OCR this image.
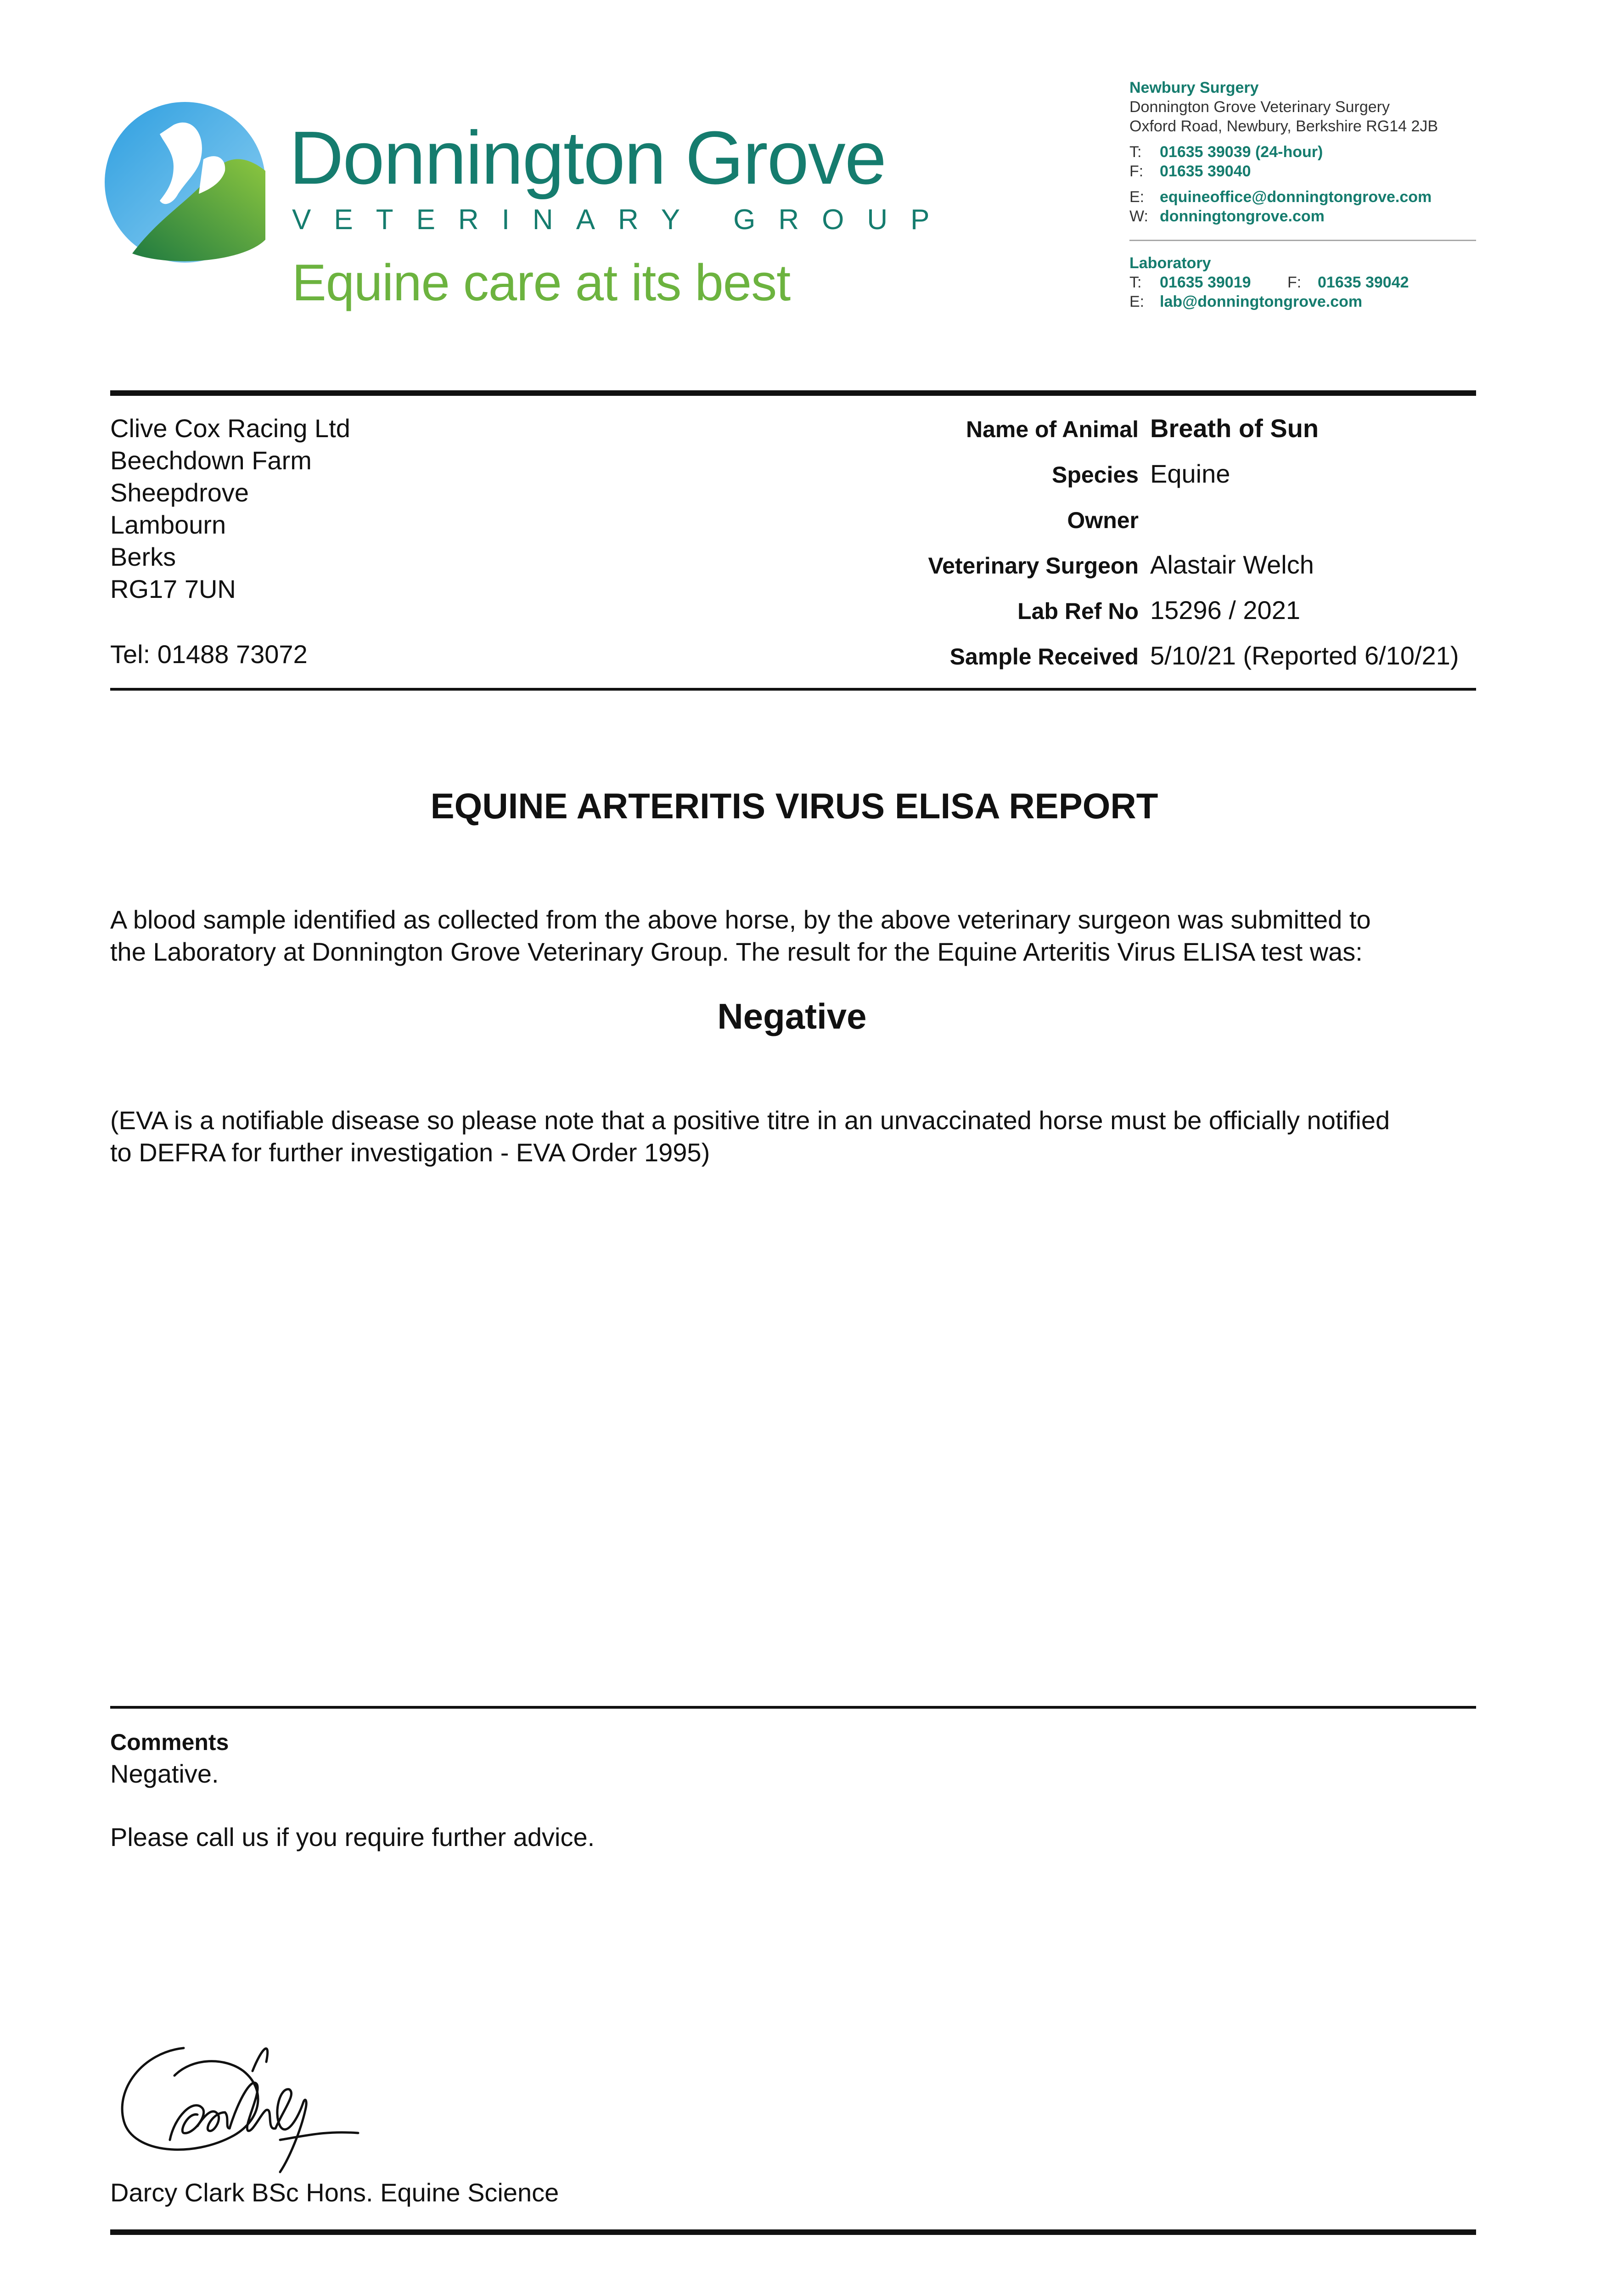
Donnington Grove
VETERINARY GROUP
Equine care at its best
Newbury Surgery
Donnington Grove Veterinary Surgery
Oxford Road, Newbury, Berkshire RG14 2JB
T: 01635 39039 (24-hour)
F: 01635 39040
E: equineoffice@donningtongrove.com
W: donningtongrove.com
Laboratory
T: 01635 39019 F: 01635 39042
E: lab@donningtongrove.com
Clive Cox Racing Ltd
Beechdown Farm
Sheepdrove
Lambourn
Berks
RG17 7UN
Tel: 01488 73072
Name of Animal Breath of Sun
Species Equine
Owner
Veterinary Surgeon Alastair Welch
Lab Ref No 15296 / 2021
Sample Received 5/10/21 (Reported 6/10/21)
EQUINE ARTERITIS VIRUS ELISA REPORT
A blood sample identified as collected from the above horse, by the above veterinary surgeon was submitted to
the Laboratory at Donnington Grove Veterinary Group. The result for the Equine Arteritis Virus ELISA test was:
Negative
(EVA is a notifiable disease so please note that a positive titre in an unvaccinated horse must be officially notified
to DEFRA for further investigation - EVA Order 1995)
Comments
Negative.
Please call us if you require further advice.
Darcy Clark BSc Hons. Equine Science
